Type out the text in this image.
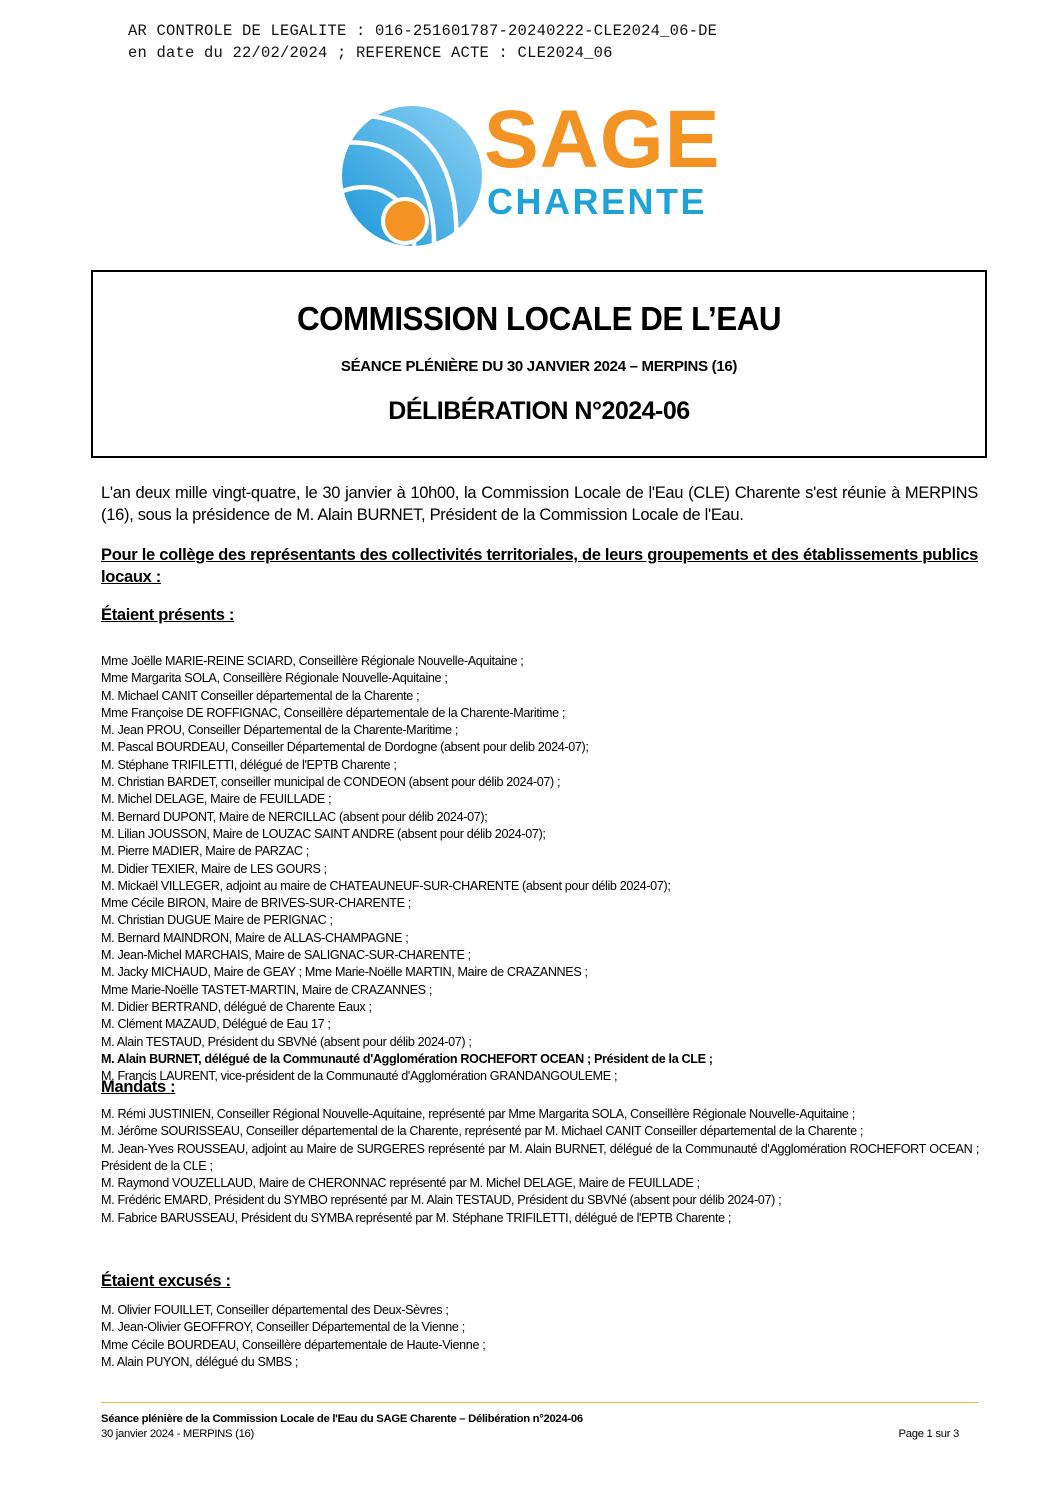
AR CONTROLE DE LEGALITE : 016-251601787-20240222-CLE2024_06-DE
en date du 22/02/2024 ; REFERENCE ACTE : CLE2024_06
SAGE
CHARENTE
COMMISSION LOCALE DE L’EAU
SÉANCE PLÉNIÈRE DU 30 JANVIER 2024 – MERPINS (16)
DÉLIBÉRATION N°2024-06
L'an deux mille vingt-quatre, le 30 janvier à 10h00, la Commission Locale de l'Eau (CLE) Charente s'est réunie à MERPINS (16), sous la présidence de M. Alain BURNET, Président de la Commission Locale de l'Eau.
Pour le collège des représentants des collectivités territoriales, de leurs groupements et des établissements publics locaux :
Étaient présents :
Mme Joëlle MARIE-REINE SCIARD, Conseillère Régionale Nouvelle-Aquitaine ;
Mme Margarita SOLA, Conseillère Régionale Nouvelle-Aquitaine ;
M. Michael CANIT Conseiller départemental de la Charente ;
Mme Françoise DE ROFFIGNAC, Conseillère départementale de la Charente-Maritime ;
M. Jean PROU, Conseiller Départemental de la Charente-Maritime ;
M. Pascal BOURDEAU, Conseiller Départemental de Dordogne (absent pour delib 2024-07);
M. Stéphane TRIFILETTI, délégué de l'EPTB Charente ;
M. Christian BARDET, conseiller municipal de CONDEON (absent pour délib 2024-07) ;
M. Michel DELAGE, Maire de FEUILLADE ;
M. Bernard DUPONT, Maire de NERCILLAC (absent pour délib 2024-07);
M. Lilian JOUSSON, Maire de LOUZAC SAINT ANDRE (absent pour délib 2024-07);
M. Pierre MADIER, Maire de PARZAC ;
M. Didier TEXIER, Maire de LES GOURS ;
M. Mickaël VILLEGER, adjoint au maire de CHATEAUNEUF-SUR-CHARENTE (absent pour délib 2024-07);
Mme Cécile BIRON, Maire de BRIVES-SUR-CHARENTE ;
M. Christian DUGUE Maire de PERIGNAC ;
M. Bernard MAINDRON, Maire de ALLAS-CHAMPAGNE ;
M. Jean-Michel MARCHAIS, Maire de SALIGNAC-SUR-CHARENTE ;
M. Jacky MICHAUD, Maire de GEAY ; Mme Marie-Noëlle MARTIN, Maire de CRAZANNES ;
Mme Marie-Noëlle TASTET-MARTIN, Maire de CRAZANNES ;
M. Didier BERTRAND, délégué de Charente Eaux ;
M. Clément MAZAUD, Délégué de Eau 17 ;
M. Alain TESTAUD, Président du SBVNé (absent pour délib 2024-07) ;
M. Alain BURNET, délégué de la Communauté d'Agglomération ROCHEFORT OCEAN ; Président de la CLE ;
M. Francis LAURENT, vice-président de la Communauté d'Agglomération GRANDANGOULEME ;
Mandats :
M. Rémi JUSTINIEN, Conseiller Régional Nouvelle-Aquitaine, représenté par Mme Margarita SOLA, Conseillère Régionale Nouvelle-Aquitaine ;
M. Jérôme SOURISSEAU, Conseiller départemental de la Charente, représenté par M. Michael CANIT Conseiller départemental de la Charente ;
M. Jean-Yves ROUSSEAU, adjoint au Maire de SURGERES représenté par M. Alain BURNET, délégué de la Communauté d'Agglomération ROCHEFORT OCEAN ; Président de la CLE ;
M. Raymond VOUZELLAUD, Maire de CHERONNAC représenté par M. Michel DELAGE, Maire de FEUILLADE ;
M. Frédéric EMARD, Président du SYMBO représenté par M. Alain TESTAUD, Président du SBVNé (absent pour délib 2024-07) ;
M. Fabrice BARUSSEAU, Président du SYMBA représenté par M. Stéphane TRIFILETTI, délégué de l'EPTB Charente ;
Étaient excusés :
M. Olivier FOUILLET, Conseiller départemental des Deux-Sèvres ;
M. Jean-Olivier GEOFFROY, Conseiller Départemental de la Vienne ;
Mme Cécile BOURDEAU, Conseillère départementale de Haute-Vienne ;
M. Alain PUYON, délégué du SMBS ;
Séance plénière de la Commission Locale de l'Eau du SAGE Charente – Délibération n°2024-06
30 janvier 2024 - MERPINS (16)	Page 1 sur 3
